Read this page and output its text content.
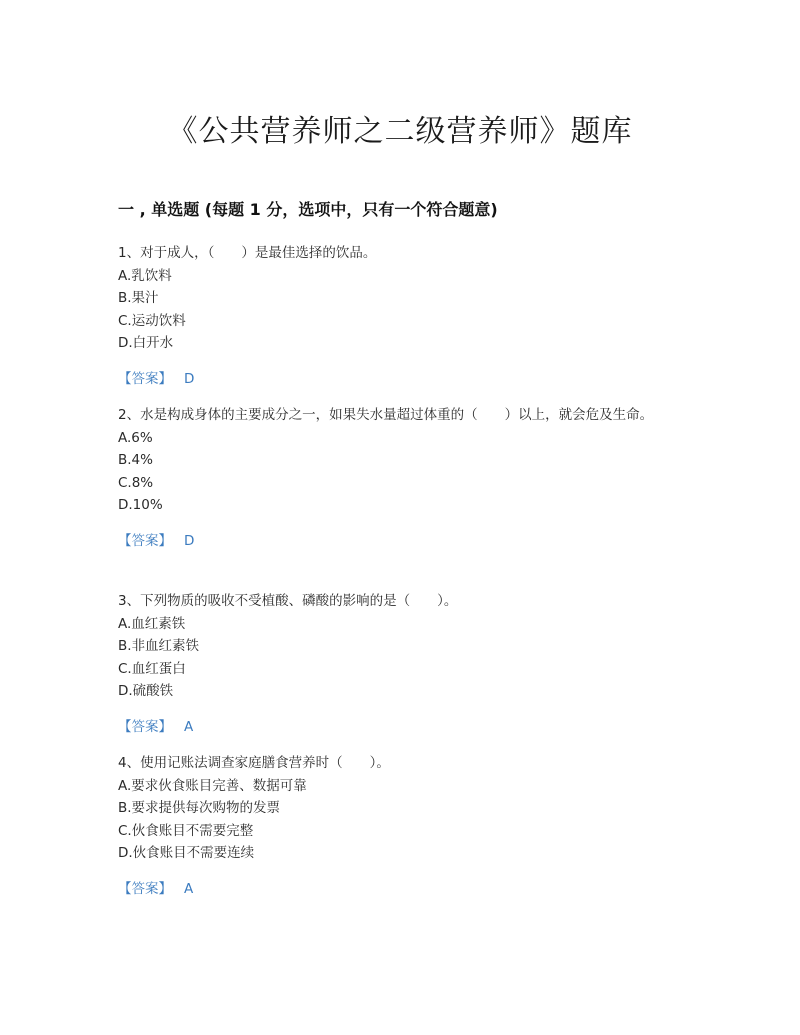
《公共营养师之二级营养师》题库
一 , 单选题 (每题 1 分，选项中，只有一个符合题意)

1、对于成人，（　　）是最佳选择的饮品。

A.乳饮料

B.果汁

C.运动饮料

D.白开水

【答案】 D

2、水是构成身体的主要成分之一，如果失水量超过体重的（　　）以上，就会危及生命。

A.6%

B.4%

C.8%

D.10%

【答案】 D

3、下列物质的吸收不受植酸、磷酸的影响的是（　　）。

A.血红素铁

B.非血红素铁

C.血红蛋白

D.硫酸铁

【答案】 A

4、使用记账法调查家庭膳食营养时（　　）。

A.要求伙食账目完善、数据可靠

B.要求提供每次购物的发票

C.伙食账目不需要完整

D.伙食账目不需要连续

【答案】 A
